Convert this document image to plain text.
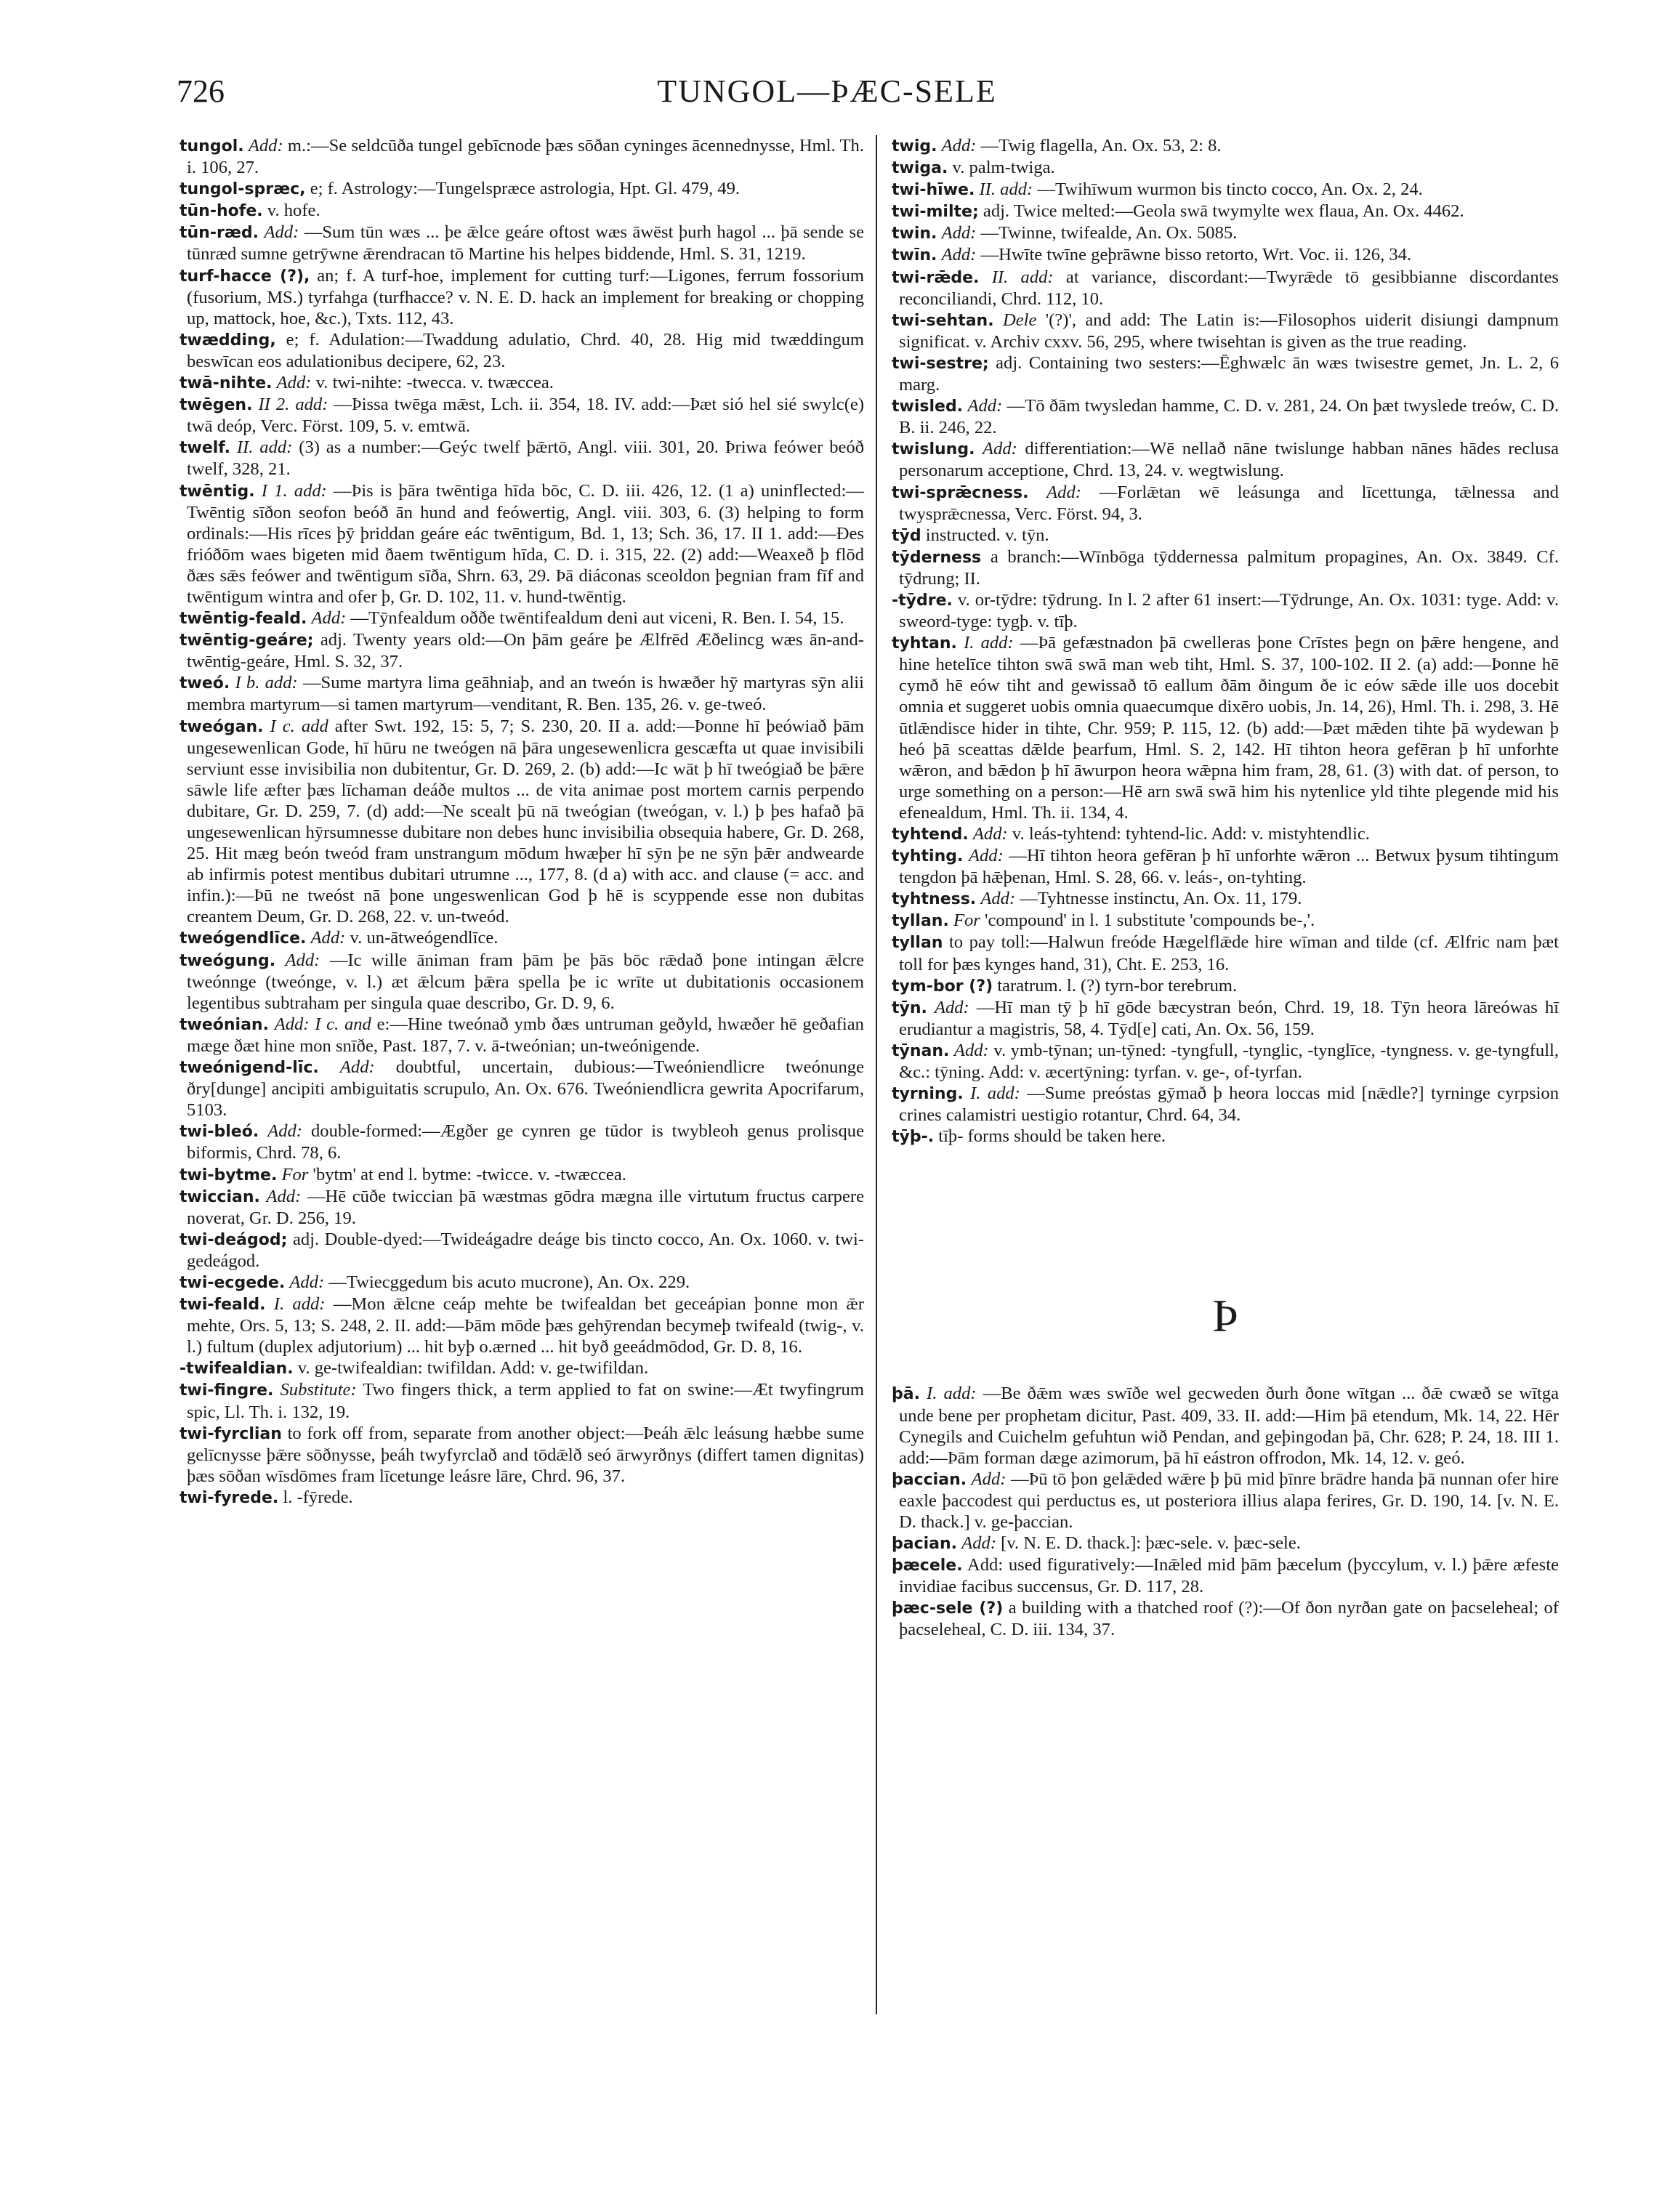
726	TUNGOL—ÞÆC-SELE

tungol. Add: m.:—Se seldcūða tungel gebīcnode þæs sōðan cyninges ācennednysse, Hml. Th. i. 106, 27.

tungol-spræc, e; f. Astrology:—Tungelspræce astrologia, Hpt. Gl. 479, 49.

tūn-hofe. v. hofe.

tūn-ræd. Add: —Sum tūn wæs ... þe ǣlce geáre oftost wæs āwēst þurh hagol ... þā sende se tūnræd sumne getrȳwne ǣrendracan tō Martine his helpes biddende, Hml. S. 31, 1219.

turf-hacce (?), an; f. A turf-hoe, implement for cutting turf:—Ligones, ferrum fossorium (fusorium, MS.) tyrfahga (turfhacce? v. N. E. D. hack an implement for breaking or chopping up, mattock, hoe, &c.), Txts. 112, 43.

twædding, e; f. Adulation:—Twaddung adulatio, Chrd. 40, 28. Hig mid twæddingum beswīcan eos adulationibus decipere, 62, 23.

twā-nihte. Add: v. twi-nihte: -twecca. v. twæccea.

twēgen. II 2. add: —Þissa twēga mǣst, Lch. ii. 354, 18. IV. add:—Þæt sió hel sié swylc(e) twā deóp, Verc. Först. 109, 5. v. emtwā.

twelf. II. add: (3) as a number:—Geýc twelf þǣrtō, Angl. viii. 301, 20. Þriwa feówer beóð twelf, 328, 21.

twēntig. I 1. add: —Þis is þāra twēntiga hīda bōc, C. D. iii. 426, 12. (1 a) uninflected:—Twēntig sīðon seofon beóð ān hund and feówertig, Angl. viii. 303, 6. (3) helping to form ordinals:—His rīces þȳ þriddan geáre eác twēntigum, Bd. 1, 13; Sch. 36, 17. II 1. add:—Ðes frióðōm waes bigeten mid ðaem twēntigum hīda, C. D. i. 315, 22. (2) add:—Weaxeð þ flōd ðæs sǣs feówer and twēntigum sīða, Shrn. 63, 29. Þā diáconas sceoldon þegnian fram fīf and twēntigum wintra and ofer þ, Gr. D. 102, 11. v. hund-twēntig.

twēntig-feald. Add: —Tȳnfealdum oððe twēntifealdum deni aut viceni, R. Ben. I. 54, 15.

twēntig-geáre; adj. Twenty years old:—On þām geáre þe Ælfrēd Æðelincg wæs ān-and-twēntig-geáre, Hml. S. 32, 37.

tweó. I b. add: —Sume martyra lima geāhniaþ, and an tweón is hwæðer hȳ martyras sȳn alii membra martyrum—si tamen martyrum—venditant, R. Ben. 135, 26. v. ge-tweó.

tweógan. I c. add after Swt. 192, 15: 5, 7; S. 230, 20. II a. add:—Þonne hī þeówiað þām ungesewenlican Gode, hī hūru ne tweógen nā þāra ungesewenlicra gescæfta ut quae invisibili serviunt esse invisibilia non dubitentur, Gr. D. 269, 2. (b) add:—Ic wāt þ hī tweógiað be þǣre sāwle life æfter þæs līchaman deáðe multos ... de vita animae post mortem carnis perpendo dubitare, Gr. D. 259, 7. (d) add:—Ne scealt þū nā tweógian (tweógan, v. l.) þ þes hafað þā ungesewenlican hȳrsumnesse dubitare non debes hunc invisibilia obsequia habere, Gr. D. 268, 25. Hit mæg beón tweód fram unstrangum mōdum hwæþer hī sȳn þe ne sȳn þǣr andwearde ab infirmis potest mentibus dubitari utrumne ..., 177, 8. (d a) with acc. and clause (= acc. and infin.):—Þū ne tweóst nā þone ungeswenlican God þ hē is scyppende esse non dubitas creantem Deum, Gr. D. 268, 22. v. un-tweód.

tweógendlīce. Add: v. un-ātweógendlīce.

tweógung. Add: —Ic wille āniman fram þām þe þās bōc rǣdað þone intingan ǣlcre tweónnge (tweónge, v. l.) æt ǣlcum þǣra spella þe ic wrīte ut dubitationis occasionem legentibus subtraham per singula quae describo, Gr. D. 9, 6.

tweónian. Add: I c. and e:—Hine tweónað ymb ðæs untruman geðyld, hwæðer hē geðafian mæge ðæt hine mon snīðe, Past. 187, 7. v. ā-tweónian; un-tweónigende.

tweónigend-līc. Add: doubtful, uncertain, dubious:—Tweóniendlicre tweónunge ðry[dunge] ancipiti ambiguitatis scrupulo, An. Ox. 676. Tweóniendlicra gewrita Apocrifarum, 5103.

twi-bleó. Add: double-formed:—Ægðer ge cynren ge tūdor is twybleoh genus prolisque biformis, Chrd. 78, 6.

twi-bytme. For 'bytm' at end l. bytme: -twicce. v. -twæccea.

twiccian. Add: —Hē cūðe twiccian þā wæstmas gōdra mægna ille virtutum fructus carpere noverat, Gr. D. 256, 19.

twi-deágod; adj. Double-dyed:—Twideágadre deáge bis tincto cocco, An. Ox. 1060. v. twi-gedeágod.

twi-ecgede. Add: —Twiecggedum bis acuto mucrone), An. Ox. 229.

twi-feald. I. add: —Mon ǣlcne ceáp mehte be twifealdan bet geceápian þonne mon ǣr mehte, Ors. 5, 13; S. 248, 2. II. add:—Þām mōde þæs gehȳrendan becymeþ twifeald (twig-, v. l.) fultum (duplex adjutorium) ... hit byþ o.ærned ... hit byð geeádmōdod, Gr. D. 8, 16.

-twifealdian. v. ge-twifealdian: twifildan. Add: v. ge-twifildan.

twi-fingre. Substitute: Two fingers thick, a term applied to fat on swine:—Æt twyfingrum spic, Ll. Th. i. 132, 19.

twi-fyrclian to fork off from, separate from another object:—Þeáh ǣlc leásung hæbbe sume gelīcnysse þǣre sōðnysse, þeáh twyfyrclað and tōdǣlð seó ārwyrðnys (differt tamen dignitas) þæs sōðan wīsdōmes fram līcetunge leásre lāre, Chrd. 96, 37.

twi-fyrede. l. -fȳrede.

twig. Add: —Twig flagella, An. Ox. 53, 2: 8.

twiga. v. palm-twiga.

twi-hīwe. II. add: —Twihīwum wurmon bis tincto cocco, An. Ox. 2, 24.

twi-milte; adj. Twice melted:—Geola swā twymylte wex flaua, An. Ox. 4462.

twin. Add: —Twinne, twifealde, An. Ox. 5085.

twīn. Add: —Hwīte twīne geþrāwne bisso retorto, Wrt. Voc. ii. 126, 34.

twi-rǣde. II. add: at variance, discordant:—Twyrǣde tō gesibbianne discordantes reconciliandi, Chrd. 112, 10.

twi-sehtan. Dele '(?)', and add: The Latin is:—Filosophos uiderit disiungi dampnum significat. v. Archiv cxxv. 56, 295, where twisehtan is given as the true reading.

twi-sestre; adj. Containing two sesters:—Ēghwælc ān wæs twisestre gemet, Jn. L. 2, 6 marg.

twisled. Add: —Tō ðām twysledan hamme, C. D. v. 281, 24. On þæt twyslede treów, C. D. B. ii. 246, 22.

twislung. Add: differentiation:—Wē nellað nāne twislunge habban nānes hādes reclusa personarum acceptione, Chrd. 13, 24. v. wegtwislung.

twi-sprǣcness. Add: —Forlǣtan wē leásunga and līcettunga, tǣlnessa and twysprǣcnessa, Verc. Först. 94, 3.

tȳd instructed. v. tȳn.

tȳderness a branch:—Wīnbōga tȳddernessa palmitum propagines, An. Ox. 3849. Cf. tȳdrung; II.

-tȳdre. v. or-tȳdre: tȳdrung. In l. 2 after 61 insert:—Tȳdrunge, An. Ox. 1031: tyge. Add: v. sweord-tyge: tygþ. v. tīþ.

tyhtan. I. add: —Þā gefæstnadon þā cwelleras þone Crīstes þegn on þǣre hengene, and hine hetelīce tihton swā swā man web tiht, Hml. S. 37, 100-102. II 2. (a) add:—Þonne hē cymð hē eów tiht and gewissað tō eallum ðām ðingum ðe ic eów sǣde ille uos docebit omnia et suggeret uobis omnia quaecumque dixēro uobis, Jn. 14, 26), Hml. Th. i. 298, 3. Hē ūtlǣndisce hider in tihte, Chr. 959; P. 115, 12. (b) add:—Þæt mǣden tihte þā wydewan þ heó þā sceattas dǣlde þearfum, Hml. S. 2, 142. Hī tihton heora gefēran þ hī unforhte wǣron, and bǣdon þ hī āwurpon heora wǣpna him fram, 28, 61. (3) with dat. of person, to urge something on a person:—Hē arn swā swā him his nytenlice yld tihte plegende mid his efenealdum, Hml. Th. ii. 134, 4.

tyhtend. Add: v. leás-tyhtend: tyhtend-lic. Add: v. mistyhtendlic.

tyhting. Add: —Hī tihton heora gefēran þ hī unforhte wǣron ... Betwux þysum tihtingum tengdon þā hǣþenan, Hml. S. 28, 66. v. leás-, on-tyhting.

tyhtness. Add: —Tyhtnesse instinctu, An. Ox. 11, 179.

tyllan. For 'compound' in l. 1 substitute 'compounds be-,'.

tyllan to pay toll:—Halwun freóde Hægelflǣde hire wīman and tilde (cf. Ælfric nam þæt toll for þæs kynges hand, 31), Cht. E. 253, 16.

tym-bor (?) taratrum. l. (?) tyrn-bor terebrum.

tȳn. Add: —Hī man tȳ þ hī gōde bæcystran beón, Chrd. 19, 18. Tȳn heora lāreówas hī erudiantur a magistris, 58, 4. Tȳd[e] cati, An. Ox. 56, 159.

tȳnan. Add: v. ymb-tȳnan; un-tȳned: -tyngfull, -tynglic, -tynglīce, -tyngness. v. ge-tyngfull, &c.: tȳning. Add: v. æcertȳning: tyrfan. v. ge-, of-tyrfan.

tyrning. I. add: —Sume preóstas gȳmað þ heora loccas mid [nǣdle?] tyrninge cyrpsion crines calamistri uestigio rotantur, Chrd. 64, 34.

tȳþ-. tīþ- forms should be taken here.

Þ

þā. I. add: —Be ðǣm wæs swīðe wel gecweden ðurh ðone wītgan ... ðǣ cwæð se wītga unde bene per prophetam dicitur, Past. 409, 33. II. add:—Him þā etendum, Mk. 14, 22. Hēr Cynegils and Cuichelm gefuhtun wið Pendan, and geþingodan þā, Chr. 628; P. 24, 18. III 1. add:—Þām forman dæge azimorum, þā hī eástron offrodon, Mk. 14, 12. v. geó.

þaccian. Add: —Þū tō þon gelǣded wǣre þ þū mid þīnre brādre handa þā nunnan ofer hire eaxle þaccodest qui perductus es, ut posteriora illius alapa ferires, Gr. D. 190, 14. [v. N. E. D. thack.] v. ge-þaccian.

þacian. Add: [v. N. E. D. thack.]: þæc-sele. v. þæc-sele.

þæcele. Add: used figuratively:—Inǣled mid þām þæcelum (þyccylum, v. l.) þǣre æfeste invidiae facibus succensus, Gr. D. 117, 28.

þæc-sele (?) a building with a thatched roof (?):—Of ðon nyrðan gate on þacseleheal; of þacseleheal, C. D. iii. 134, 37.
